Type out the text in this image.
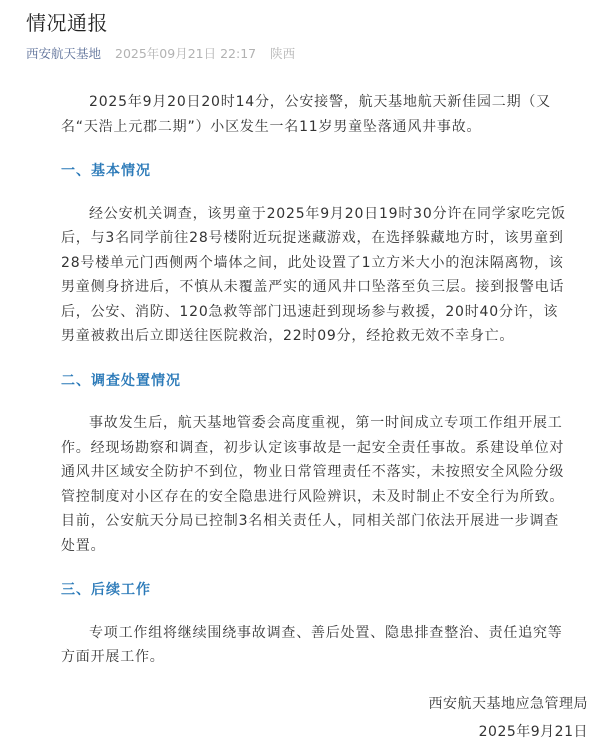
情况通报
西安航天基地 2025年09月21日 22:17 陕西

2025年9月20日20时14分，公安接警，航天基地航天新佳园二期（又名“天浩上元郡二期”）小区发生一名11岁男童坠落通风井事故。

一、基本情况

经公安机关调查，该男童于2025年9月20日19时30分许在同学家吃完饭后，与3名同学前往28号楼附近玩捉迷藏游戏，在选择躲藏地方时，该男童到28号楼单元门西侧两个墙体之间，此处设置了1立方米大小的泡沫隔离物，该男童侧身挤进后，不慎从未覆盖严实的通风井口坠落至负三层。接到报警电话后，公安、消防、120急救等部门迅速赶到现场参与救援，20时40分许，该男童被救出后立即送往医院救治，22时09分，经抢救无效不幸身亡。

二、调查处置情况

事故发生后，航天基地管委会高度重视，第一时间成立专项工作组开展工作。经现场勘察和调查，初步认定该事故是一起安全责任事故。系建设单位对通风井区域安全防护不到位，物业日常管理责任不落实，未按照安全风险分级管控制度对小区存在的安全隐患进行风险辨识，未及时制止不安全行为所致。目前，公安航天分局已控制3名相关责任人，同相关部门依法开展进一步调查处置。

三、后续工作

专项工作组将继续围绕事故调查、善后处置、隐患排查整治、责任追究等方面开展工作。

西安航天基地应急管理局
2025年9月21日
